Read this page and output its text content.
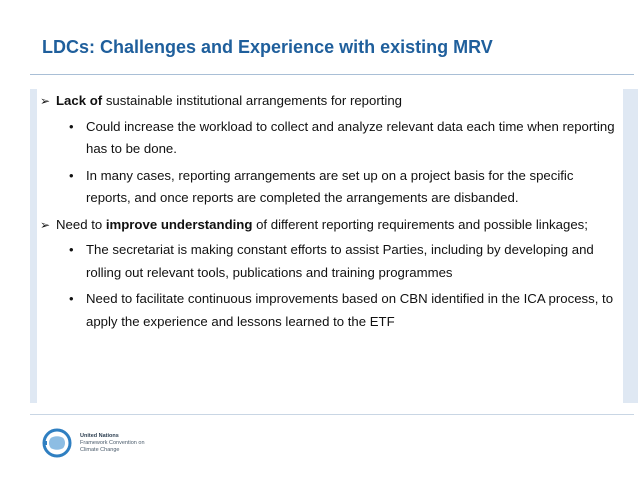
LDCs: Challenges and Experience with existing MRV
➢ Lack of sustainable institutional arrangements for reporting
• Could increase the workload to collect and analyze relevant data each time when reporting has to be done.
• In many cases, reporting arrangements are set up on a project basis for the specific reports, and once reports are completed the arrangements are disbanded.
➢ Need to improve understanding of different reporting requirements and possible linkages;
• The secretariat is making constant efforts to assist Parties, including by developing and rolling out relevant tools, publications and training programmes
• Need to facilitate continuous improvements based on CBN identified in the ICA process, to apply the experience and lessons learned to the ETF
United Nations
Framework Convention on
Climate Change
